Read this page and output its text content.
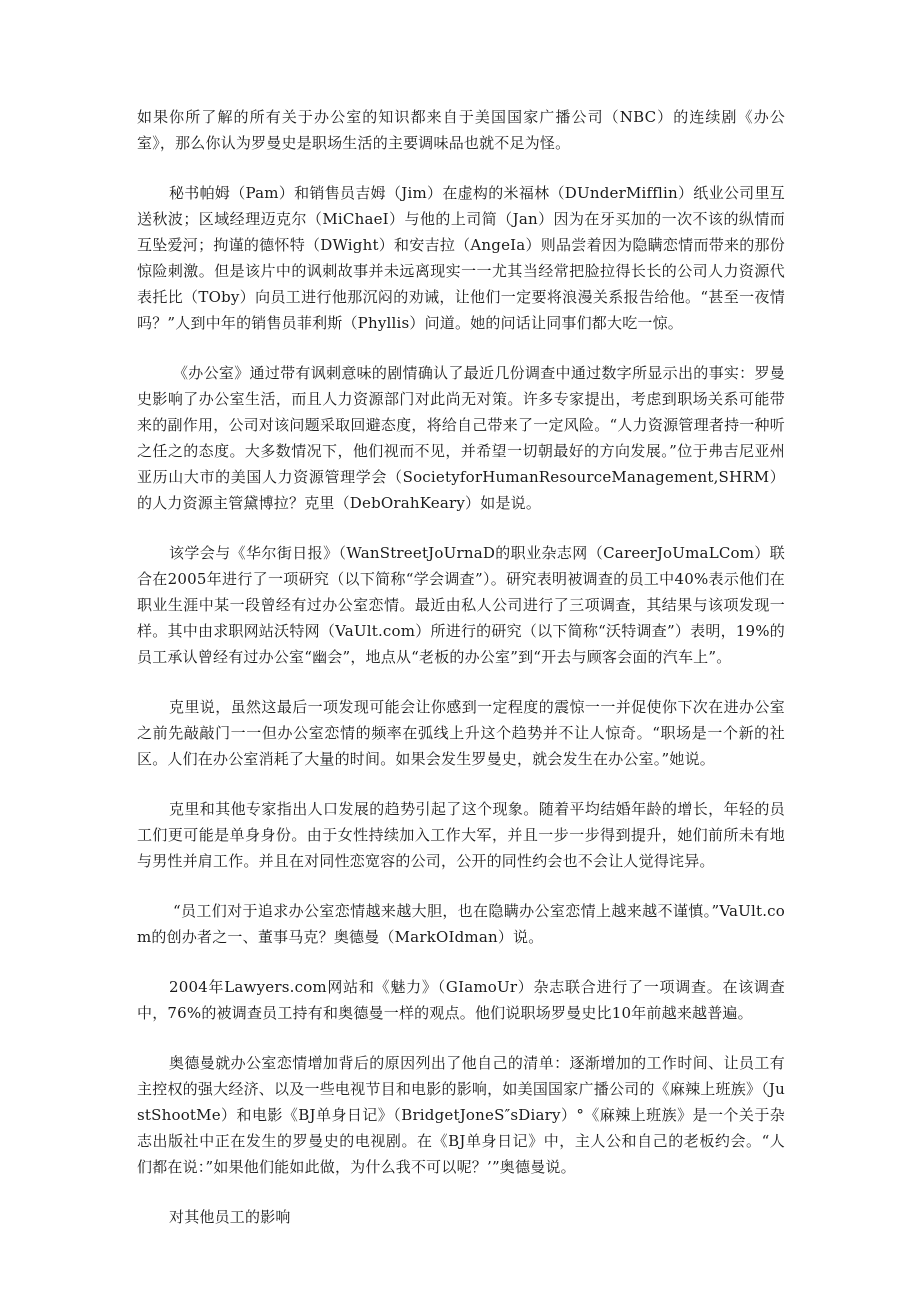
如果你所了解的所有关于办公室的知识都来自于美国国家广播公司（NBC）的连续剧《办公室》，那么你认为罗曼史是职场生活的主要调味品也就不足为怪。

秘书帕姆（Pam）和销售员吉姆（Jim）在虚构的米福林（DUnderMifflin）纸业公司里互送秋波；区域经理迈克尔（MiChaeI）与他的上司简（Jan）因为在牙买加的一次不该的纵情而互坠爱河；拘谨的德怀特（DWight）和安吉拉（AngeIa）则品尝着因为隐瞒恋情而带来的那份惊险刺激。但是该片中的讽刺故事并未远离现实一一尤其当经常把脸拉得长长的公司人力资源代表托比（TOby）向员工进行他那沉闷的劝诫，让他们一定要将浪漫关系报告给他。“甚至一夜情吗？”人到中年的销售员菲利斯（Phyllis）问道。她的问话让同事们都大吃一惊。

《办公室》通过带有讽刺意味的剧情确认了最近几份调查中通过数字所显示出的事实：罗曼史影响了办公室生活，而且人力资源部门对此尚无对策。许多专家提出，考虑到职场关系可能带来的副作用，公司对该问题采取回避态度，将给自己带来了一定风险。“人力资源管理者持一种听之任之的态度。大多数情况下，他们视而不见，并希望一切朝最好的方向发展。”位于弗吉尼亚州亚历山大市的美国人力资源管理学会（SocietyforHumanResourceManagement,SHRM）的人力资源主管黛博拉？克里（DebOrahKeary）如是说。

该学会与《华尔街日报》（WanStreetJoUrnaD的职业杂志网（CareerJoUmaLCom）联合在2005年进行了一项研究（以下简称“学会调查”）。研究表明被调查的员工中40%表示他们在职业生涯中某一段曾经有过办公室恋情。最近由私人公司进行了三项调查，其结果与该项发现一样。其中由求职网站沃特网（VaUlt.com）所进行的研究（以下简称“沃特调查”）表明，19%的员工承认曾经有过办公室“幽会”，地点从“老板的办公室”到“开去与顾客会面的汽车上”。

克里说，虽然这最后一项发现可能会让你感到一定程度的震惊一一并促使你下次在进办公室之前先敲敲门一一但办公室恋情的频率在弧线上升这个趋势并不让人惊奇。“职场是一个新的社区。人们在办公室消耗了大量的时间。如果会发生罗曼史，就会发生在办公室。”她说。

克里和其他专家指出人口发展的趋势引起了这个现象。随着平均结婚年龄的增长，年轻的员工们更可能是单身身份。由于女性持续加入工作大军，并且一步一步得到提升，她们前所未有地与男性并肩工作。并且在对同性恋宽容的公司，公开的同性约会也不会让人觉得诧异。

“员工们对于追求办公室恋情越来越大胆，也在隐瞒办公室恋情上越来越不谨慎。”VaUlt.com的创办者之一、董事马克？奥德曼（MarkOIdman）说。

2004年Lawyers.com网站和《魅力》（GIamoUr）杂志联合进行了一项调查。在该调查中，76%的被调查员工持有和奥德曼一样的观点。他们说职场罗曼史比10年前越来越普遍。

奥德曼就办公室恋情增加背后的原因列出了他自己的清单：逐渐增加的工作时间、让员工有主控权的强大经济、以及一些电视节目和电影的影响，如美国国家广播公司的《麻辣上班族》（JustShootMe）和电影《BJ单身日记》（BridgetJoneS″sDiary）°《麻辣上班族》是一个关于杂志出版社中正在发生的罗曼史的电视剧。在《BJ单身日记》中，主人公和自己的老板约会。“人们都在说：”如果他们能如此做，为什么我不可以呢？’”奥德曼说。

对其他员工的影响
